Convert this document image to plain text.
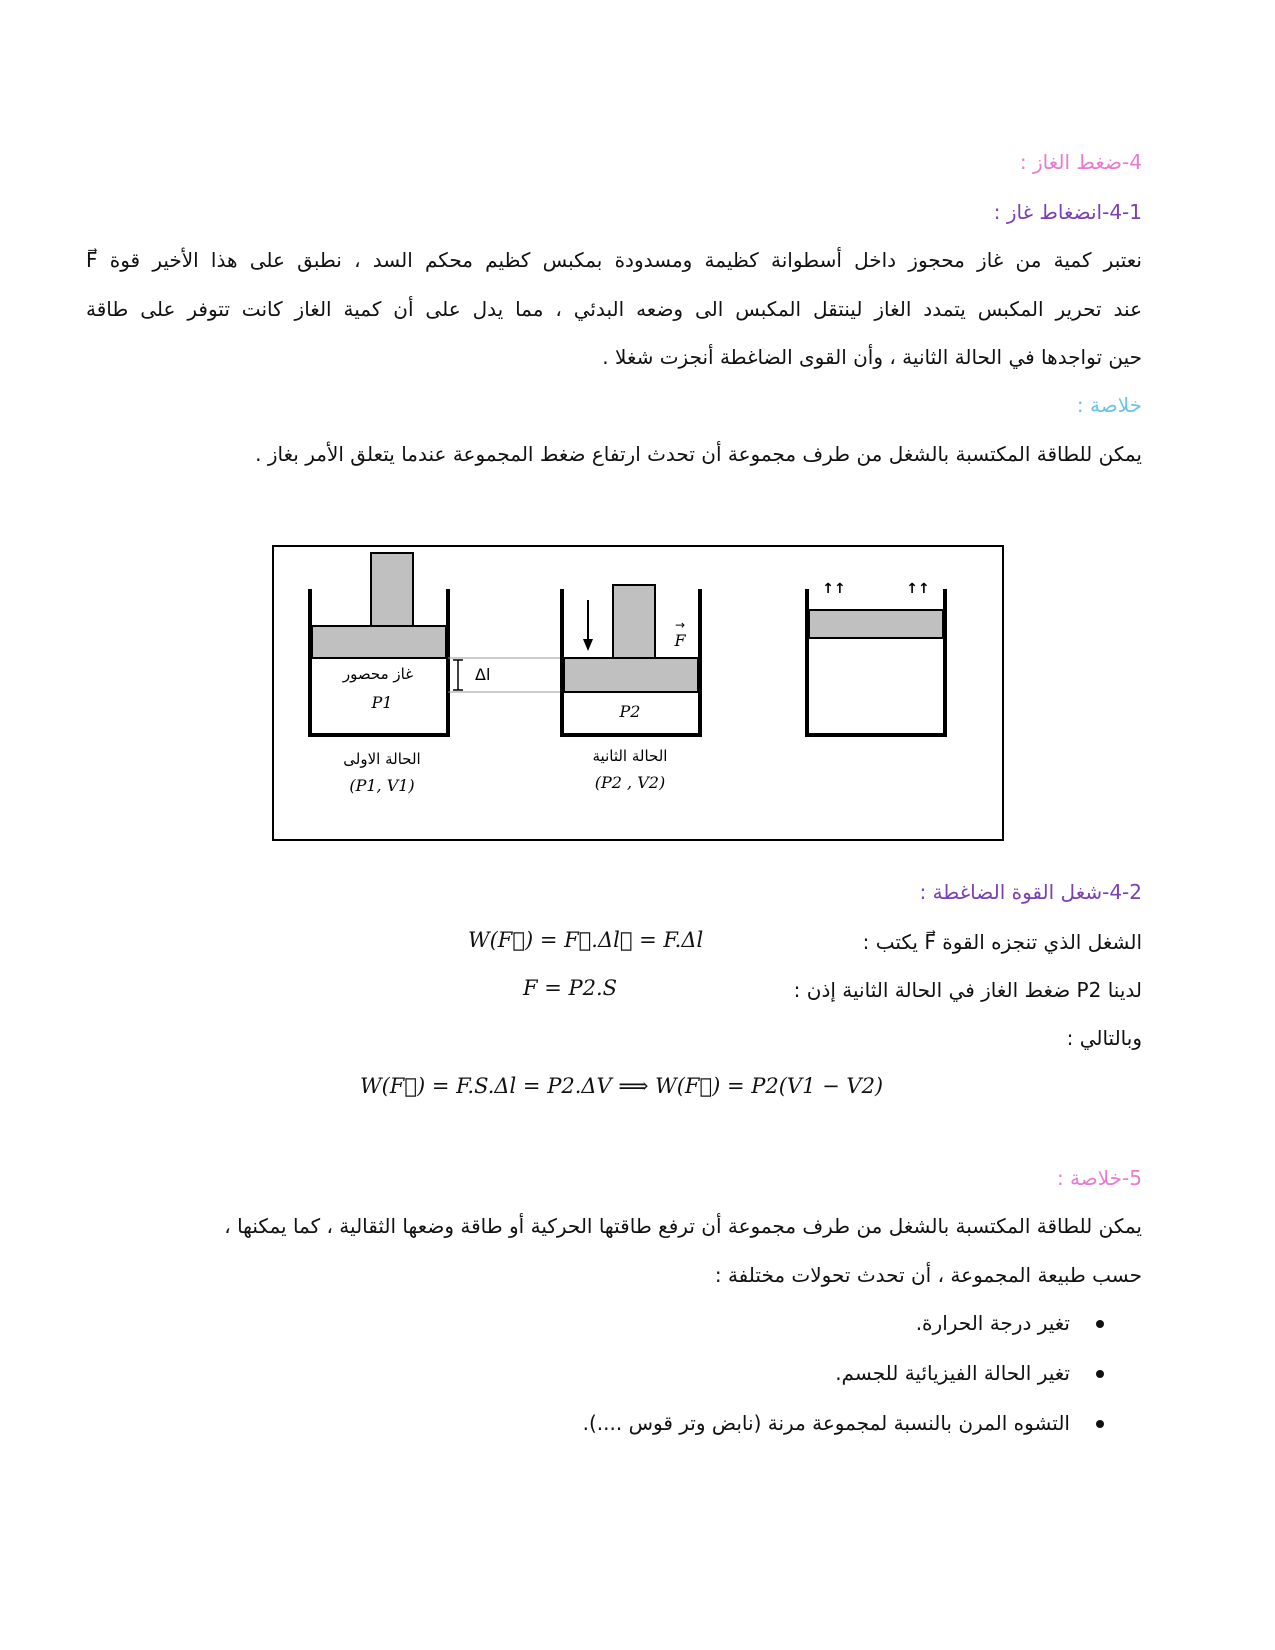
4-ضغط الغاز :
4-1-انضغاط غاز :
نعتبر كمية من غاز محجوز داخل أسطوانة كظيمة ومسدودة بمكبس كظيم محكم السد ، نطبق على هذا الأخير قوة F⃗
عند تحرير المكبس يتمدد الغاز لينتقل المكبس الى وضعه البدئي ، مما يدل على أن كمية الغاز كانت تتوفر على طاقة
حين تواجدها في الحالة الثانية ، وأن القوى الضاغطة أنجزت شغلا .
خلاصة :
يمكن للطاقة المكتسبة بالشغل من طرف مجموعة أن تحدث ارتفاع ضغط المجموعة عندما يتعلق الأمر بغاز .
غاز محصور
P1
الحالة الاولى
(P1, V1)
Δl
F
→
P2
الحالة الثانية
(P2 , V2)
↑↑	↑↑
4-2-شغل القوة الضاغطة :
الشغل الذي تنجزه القوة F⃗ يكتب :
W(F⃗) = F⃗.Δl⃗ = F.Δl
لدينا P2 ضغط الغاز في الحالة الثانية إذن :
F = P2.S
وبالتالي :
W(F⃗) = F.S.Δl = P2.ΔV ⟹ W(F⃗) = P2(V1 − V2)
5-خلاصة :
يمكن للطاقة المكتسبة بالشغل من طرف مجموعة أن ترفع طاقتها الحركية أو طاقة وضعها الثقالية ، كما يمكنها ،
حسب طبيعة المجموعة ، أن تحدث تحولات مختلفة :
تغير درجة الحرارة.
تغير الحالة الفيزيائية للجسم.
التشوه المرن بالنسبة لمجموعة مرنة (نابض وتر قوس ....).
